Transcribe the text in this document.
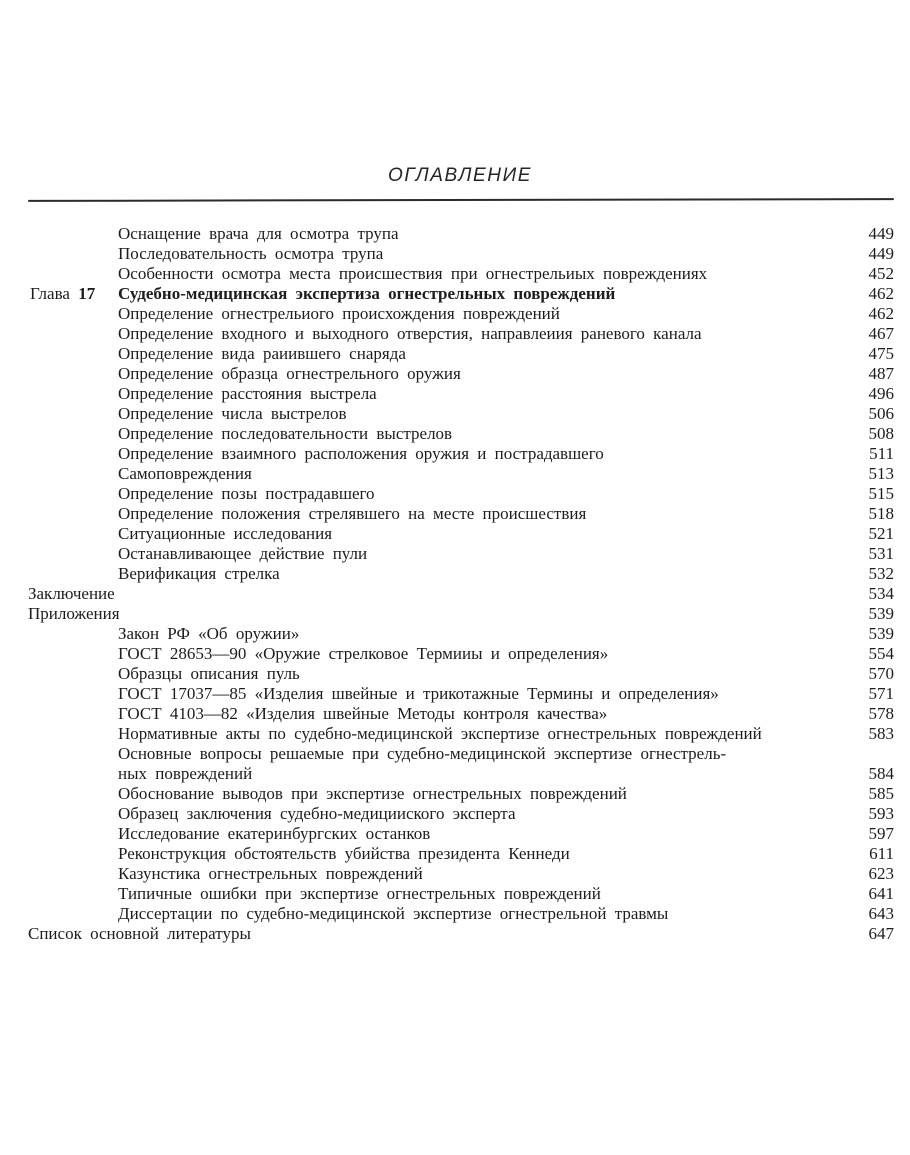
ОГЛАВЛЕНИЕ
Оснащение врача для осмотра трупа	449
Последовательность осмотра трупа	449
Особенности осмотра места происшествия при огнестрельиых повреждениях	452
Глава 17 Судебно-медицинская экспертиза огнестрельных повреждений	462
Определение огнестрельиого происхождения повреждений	462
Определение входного и выходного отверстия, направлеиия раневого канала	467
Определение вида раиившего снаряда	475
Определение образца огнестрельного оружия	487
Определение расстояния выстрела	496
Определение числа выстрелов	506
Определение последовательности выстрелов	508
Определение взаимного расположения оружия и пострадавшего	511
Самоповреждения	513
Определение позы пострадавшего	515
Определение положения стрелявшего на месте происшествия	518
Ситуационные исследования	521
Останавливающее действие пули	531
Верификация стрелка	532
Заключение	534
Приложения	539
Закон РФ «Об оружии»	539
ГОСТ 28653—90 «Оружие стрелковое Термииы и определения»	554
Образцы описания пуль	570
ГОСТ 17037—85 «Изделия швейные и трикотажные Термины и определения»	571
ГОСТ 4103—82 «Изделия швейные Методы контроля качества»	578
Нормативные акты по судебно-медицинской экспертизе огнестрельных повреждений	583
Основные вопросы решаемые при судебно-медицинской экспертизе огнестрель-
ных повреждений	584
Обоснование выводов при экспертизе огнестрельных повреждений	585
Образец заключения судебно-медицииского эксперта	593
Исследование екатеринбургских останков	597
Реконструкция обстоятельств убийства президента Кеннеди	611
Казунстика огнестрельных повреждений	623
Типичные ошибки при экспертизе огнестрельных повреждений	641
Диссертации по судебно-медицинской экспертизе огнестрельной травмы	643
Список основной литературы	647
